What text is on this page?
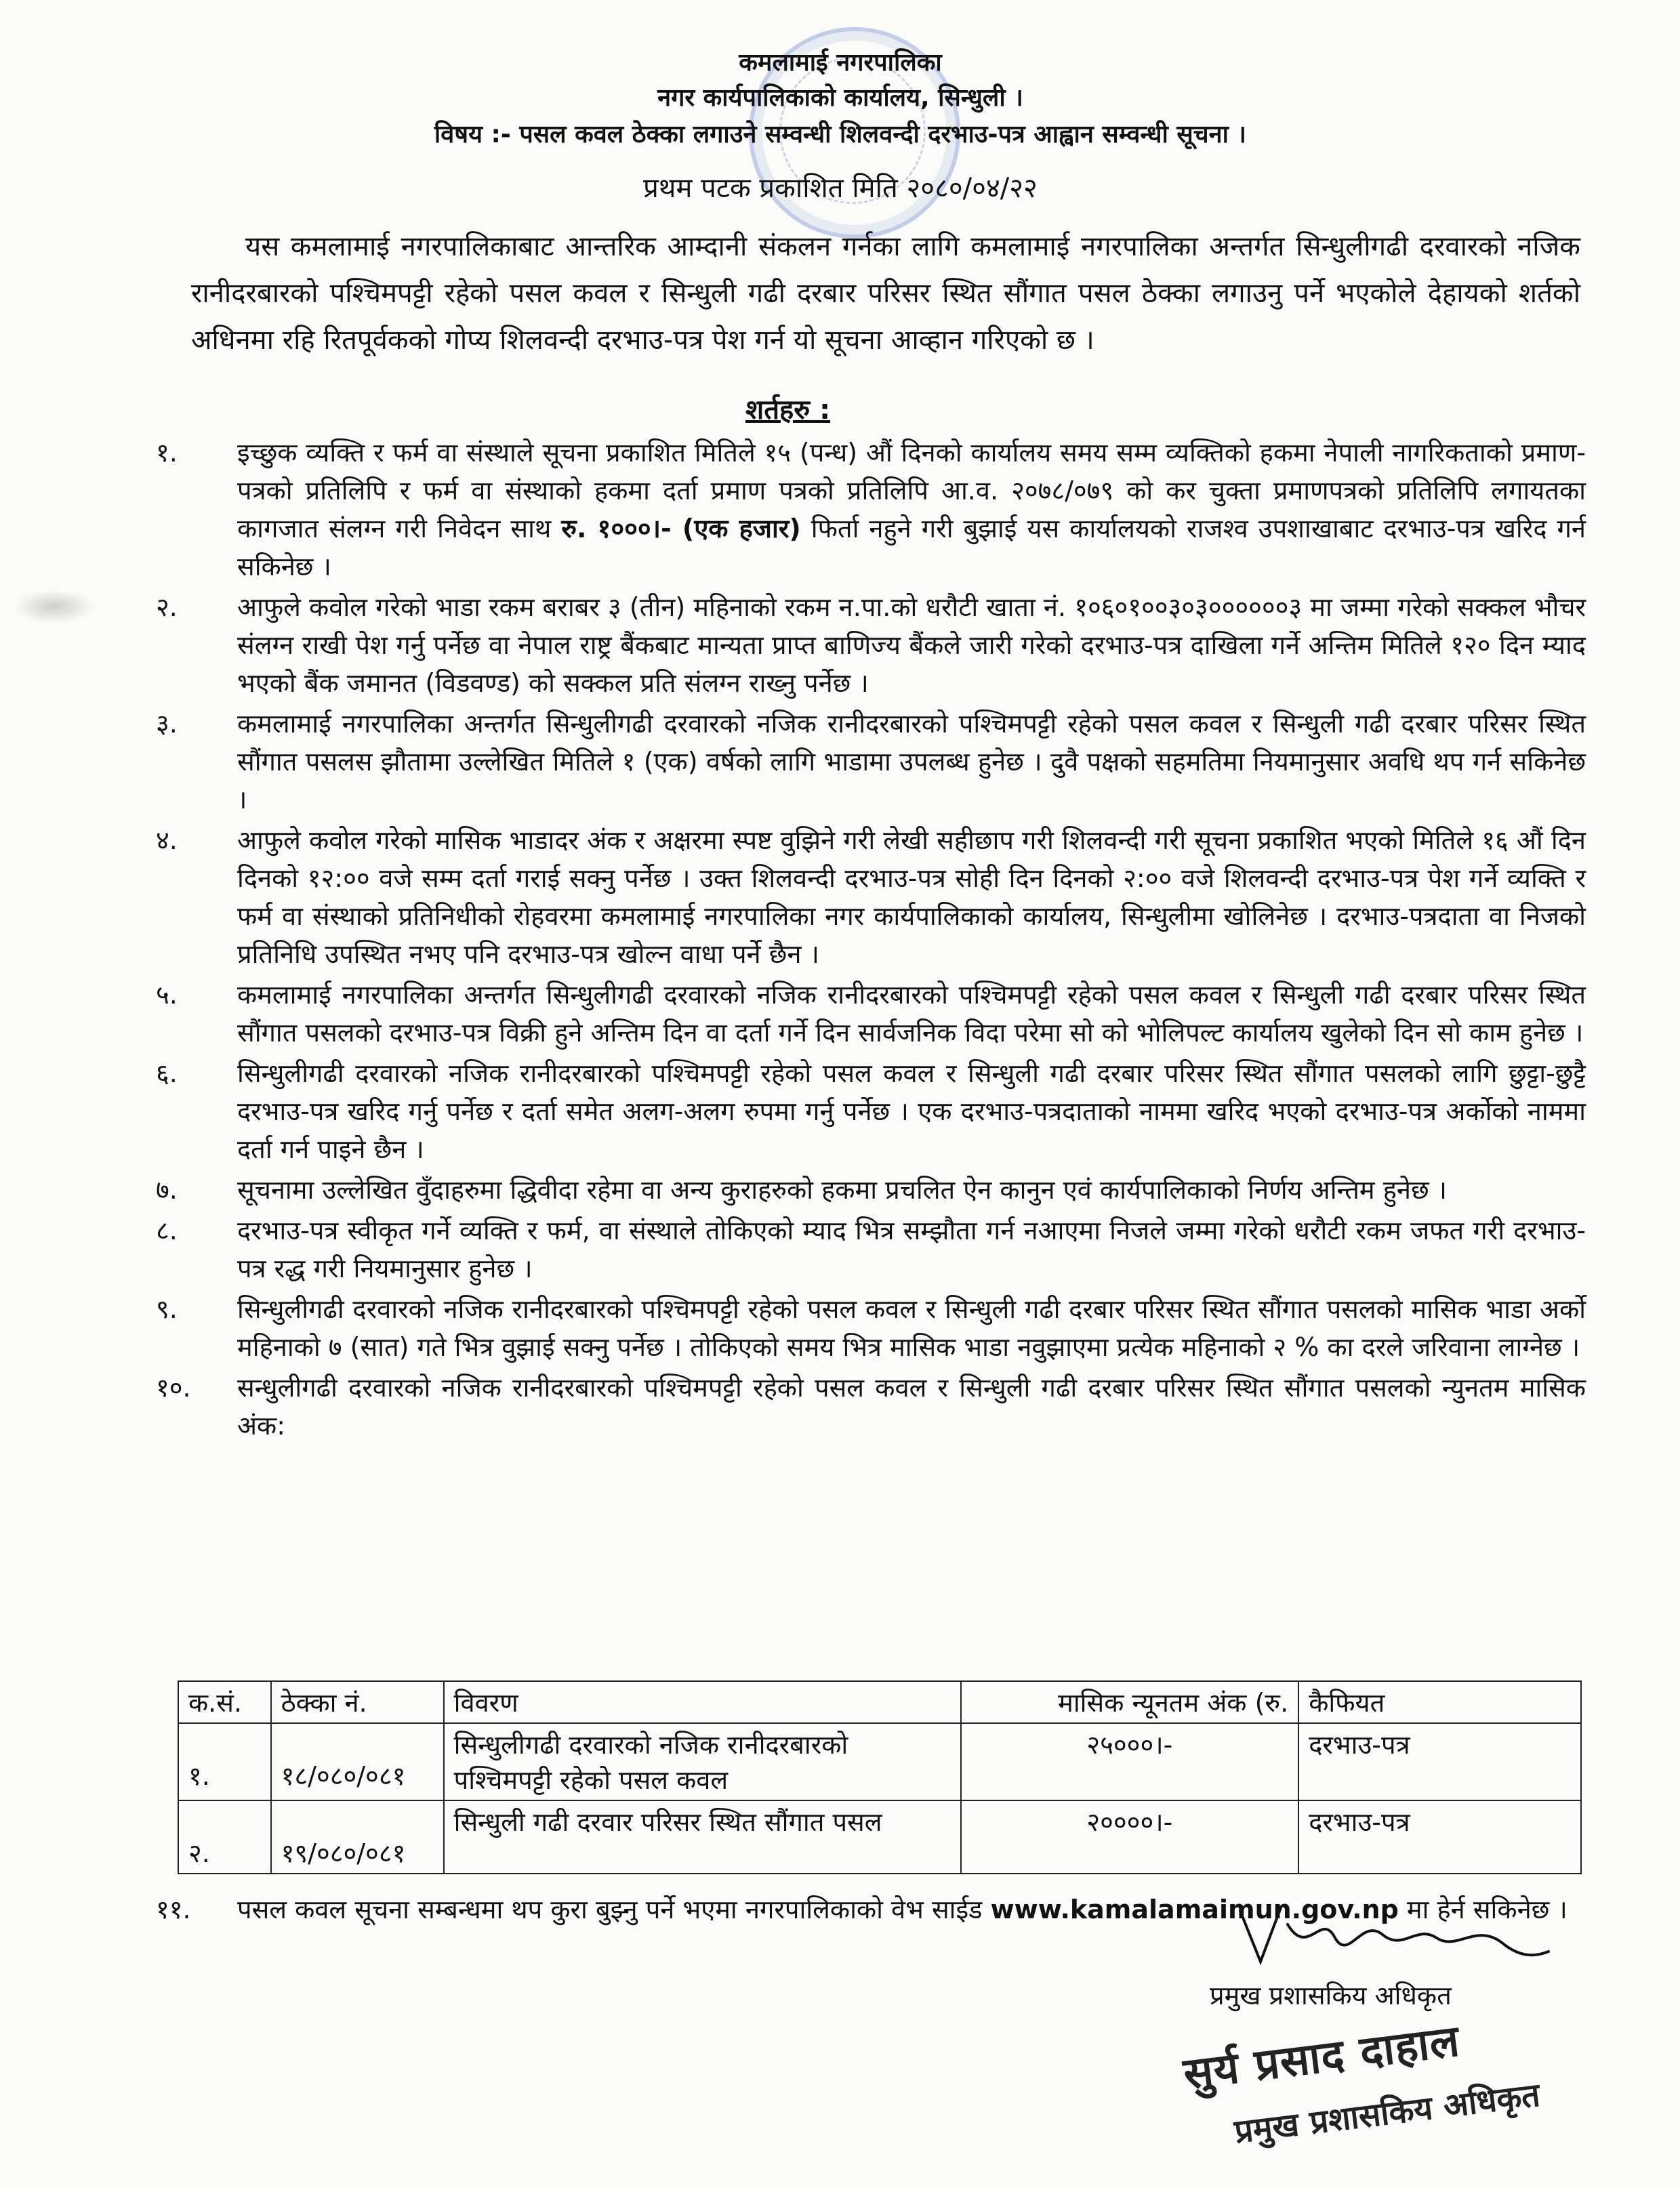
कमलामाई नगरपालिका
नगर कार्यपालिकाको कार्यालय, सिन्धुली ।
विषय :- पसल कवल ठेक्का लगाउने सम्वन्धी शिलवन्दी दरभाउ-पत्र आह्वान सम्वन्धी सूचना ।
प्रथम पटक प्रकाशित मिति २०८०/०४/२२
यस कमलामाई नगरपालिकाबाट आन्तरिक आम्दानी संकलन गर्नका लागि कमलामाई नगरपालिका अन्तर्गत सिन्धुलीगढी दरवारको नजिक रानीदरबारको पश्चिमपट्टी रहेको पसल कवल र सिन्धुली गढी दरबार परिसर स्थित सौंगात पसल ठेक्का लगाउनु पर्ने भएकोले देहायको शर्तको अधिनमा रहि रितपूर्वकको गोप्य शिलवन्दी दरभाउ-पत्र पेश गर्न यो सूचना आव्हान गरिएको छ ।
शर्तहरु :
१.	इच्छुक व्यक्ति र फर्म वा संस्थाले सूचना प्रकाशित मितिले १५ (पन्ध) औं दिनको कार्यालय समय सम्म व्यक्तिको हकमा नेपाली नागरिकताको प्रमाण-पत्रको प्रतिलिपि र फर्म वा संस्थाको हकमा दर्ता प्रमाण पत्रको प्रतिलिपि आ.व. २०७८/०७९ को कर चुक्ता प्रमाणपत्रको प्रतिलिपि लगायतका कागजात संलग्न गरी निवेदन साथ रु. १०००।- (एक हजार) फिर्ता नहुने गरी बुझाई यस कार्यालयको राजश्व उपशाखाबाट दरभाउ-पत्र खरिद गर्न सकिनेछ ।
२.	आफुले कवोल गरेको भाडा रकम बराबर ३ (तीन) महिनाको रकम न.पा.को धरौटी खाता नं. १०६०१००३०३००००००३ मा जम्मा गरेको सक्कल भौचर संलग्न राखी पेश गर्नु पर्नेछ वा नेपाल राष्ट्र बैंकबाट मान्यता प्राप्त बाणिज्य बैंकले जारी गरेको दरभाउ-पत्र दाखिला गर्ने अन्तिम मितिले १२० दिन म्याद भएको बैंक जमानत (विडवण्ड) को सक्कल प्रति संलग्न राख्नु पर्नेछ ।
३.	कमलामाई नगरपालिका अन्तर्गत सिन्धुलीगढी दरवारको नजिक रानीदरबारको पश्चिमपट्टी रहेको पसल कवल र सिन्धुली गढी दरबार परिसर स्थित सौंगात पसलस झौतामा उल्लेखित मितिले १ (एक) वर्षको लागि भाडामा उपलब्ध हुनेछ । दुवै पक्षको सहमतिमा नियमानुसार अवधि थप गर्न सकिनेछ ।
४.	आफुले कवोल गरेको मासिक भाडादर अंक र अक्षरमा स्पष्ट वुझिने गरी लेखी सहीछाप गरी शिलवन्दी गरी सूचना प्रकाशित भएको मितिले १६ औं दिन दिनको १२:०० वजे सम्म दर्ता गराई सक्नु पर्नेछ । उक्त शिलवन्दी दरभाउ-पत्र सोही दिन दिनको २:०० वजे शिलवन्दी दरभाउ-पत्र पेश गर्ने व्यक्ति र फर्म वा संस्थाको प्रतिनिधीको रोहवरमा कमलामाई नगरपालिका नगर कार्यपालिकाको कार्यालय, सिन्धुलीमा खोलिनेछ । दरभाउ-पत्रदाता वा निजको प्रतिनिधि उपस्थित नभए पनि दरभाउ-पत्र खोल्न वाधा पर्ने छैन ।
५.	कमलामाई नगरपालिका अन्तर्गत सिन्धुलीगढी दरवारको नजिक रानीदरबारको पश्चिमपट्टी रहेको पसल कवल र सिन्धुली गढी दरबार परिसर स्थित सौंगात पसलको दरभाउ-पत्र विक्री हुने अन्तिम दिन वा दर्ता गर्ने दिन सार्वजनिक विदा परेमा सो को भोलिपल्ट कार्यालय खुलेको दिन सो काम हुनेछ ।
६.	सिन्धुलीगढी दरवारको नजिक रानीदरबारको पश्चिमपट्टी रहेको पसल कवल र सिन्धुली गढी दरबार परिसर स्थित सौंगात पसलको लागि छुट्टा-छुट्टै दरभाउ-पत्र खरिद गर्नु पर्नेछ र दर्ता समेत अलग-अलग रुपमा गर्नु पर्नेछ । एक दरभाउ-पत्रदाताको नाममा खरिद भएको दरभाउ-पत्र अर्कोको नाममा दर्ता गर्न पाइने छैन ।
७.	सूचनामा उल्लेखित वुँदाहरुमा द्धिवीदा रहेमा वा अन्य कुराहरुको हकमा प्रचलित ऐन कानुन एवं कार्यपालिकाको निर्णय अन्तिम हुनेछ ।
८.	दरभाउ-पत्र स्वीकृत गर्ने व्यक्ति र फर्म, वा संस्थाले तोकिएको म्याद भित्र सम्झौता गर्न नआएमा निजले जम्मा गरेको धरौटी रकम जफत गरी दरभाउ-पत्र रद्ध गरी नियमानुसार हुनेछ ।
९.	सिन्धुलीगढी दरवारको नजिक रानीदरबारको पश्चिमपट्टी रहेको पसल कवल र सिन्धुली गढी दरबार परिसर स्थित सौंगात पसलको मासिक भाडा अर्को महिनाको ७ (सात) गते भित्र वुझाई सक्नु पर्नेछ । तोकिएको समय भित्र मासिक भाडा नवुझाएमा प्रत्येक महिनाको २ % का दरले जरिवाना लाग्नेछ ।
१०.	सन्धुलीगढी दरवारको नजिक रानीदरबारको पश्चिमपट्टी रहेको पसल कवल र सिन्धुली गढी दरबार परिसर स्थित सौंगात पसलको न्युनतम मासिक अंक:
क.सं.	ठेक्का नं.	विवरण	मासिक न्यूनतम अंक (रु.	कैफियत
१.	१८/०८०/०८१	सिन्धुलीगढी दरवारको नजिक रानीदरबारको पश्चिमपट्टी रहेको पसल कवल	२५०००।-	दरभाउ-पत्र
२.	१९/०८०/०८१	सिन्धुली गढी दरवार परिसर स्थित सौंगात पसल	२००००।-	दरभाउ-पत्र
११.	पसल कवल सूचना सम्बन्धमा थप कुरा बुझ्नु पर्ने भएमा नगरपालिकाको वेभ साईड www.kamalamaimun.gov.np मा हेर्न सकिनेछ ।
प्रमुख प्रशासकिय अधिकृत
सुर्य प्रसाद दाहाल
प्रमुख प्रशासकिय अधिकृत
